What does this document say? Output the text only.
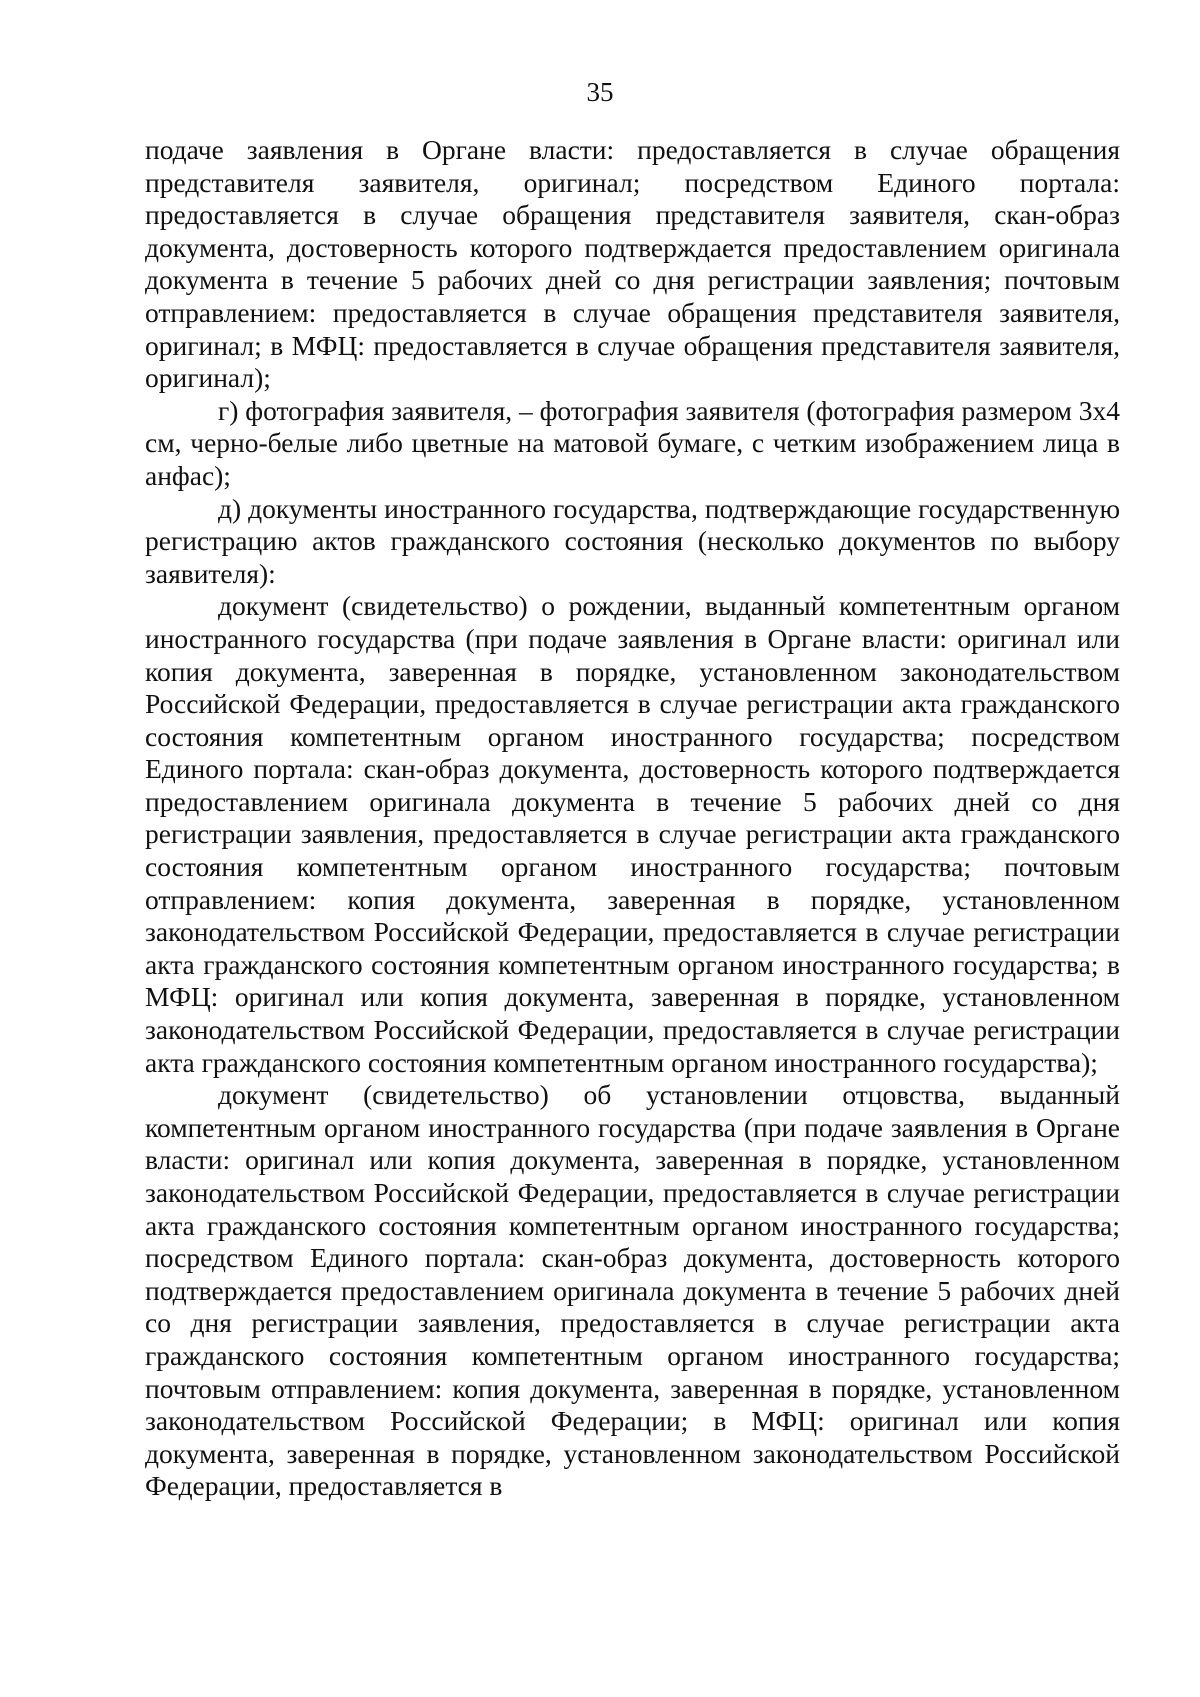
35

подаче заявления в Органе власти: предоставляется в случае обращения представителя заявителя, оригинал; посредством Единого портала: предоставляется в случае обращения представителя заявителя, скан-образ документа, достоверность которого подтверждается предоставлением оригинала документа в течение 5 рабочих дней со дня регистрации заявления; почтовым отправлением: предоставляется в случае обращения представителя заявителя, оригинал; в МФЦ: предоставляется в случае обращения представителя заявителя, оригинал);

г) фотография заявителя, – фотография заявителя (фотография размером 3х4 см, черно-белые либо цветные на матовой бумаге, с четким изображением лица в анфас);

д) документы иностранного государства, подтверждающие государственную регистрацию актов гражданского состояния (несколько документов по выбору заявителя):

документ (свидетельство) о рождении, выданный компетентным органом иностранного государства (при подаче заявления в Органе власти: оригинал или копия документа, заверенная в порядке, установленном законодательством Российской Федерации, предоставляется в случае регистрации акта гражданского состояния компетентным органом иностранного государства; посредством Единого портала: скан-образ документа, достоверность которого подтверждается предоставлением оригинала документа в течение 5 рабочих дней со дня регистрации заявления, предоставляется в случае регистрации акта гражданского состояния компетентным органом иностранного государства; почтовым отправлением: копия документа, заверенная в порядке, установленном законодательством Российской Федерации, предоставляется в случае регистрации акта гражданского состояния компетентным органом иностранного государства; в МФЦ: оригинал или копия документа, заверенная в порядке, установленном законодательством Российской Федерации, предоставляется в случае регистрации акта гражданского состояния компетентным органом иностранного государства);

документ (свидетельство) об установлении отцовства, выданный компетентным органом иностранного государства (при подаче заявления в Органе власти: оригинал или копия документа, заверенная в порядке, установленном законодательством Российской Федерации, предоставляется в случае регистрации акта гражданского состояния компетентным органом иностранного государства; посредством Единого портала: скан-образ документа, достоверность которого подтверждается предоставлением оригинала документа в течение 5 рабочих дней со дня регистрации заявления, предоставляется в случае регистрации акта гражданского состояния компетентным органом иностранного государства; почтовым отправлением: копия документа, заверенная в порядке, установленном законодательством Российской Федерации; в МФЦ: оригинал или копия документа, заверенная в порядке, установленном законодательством Российской Федерации, предоставляется в
